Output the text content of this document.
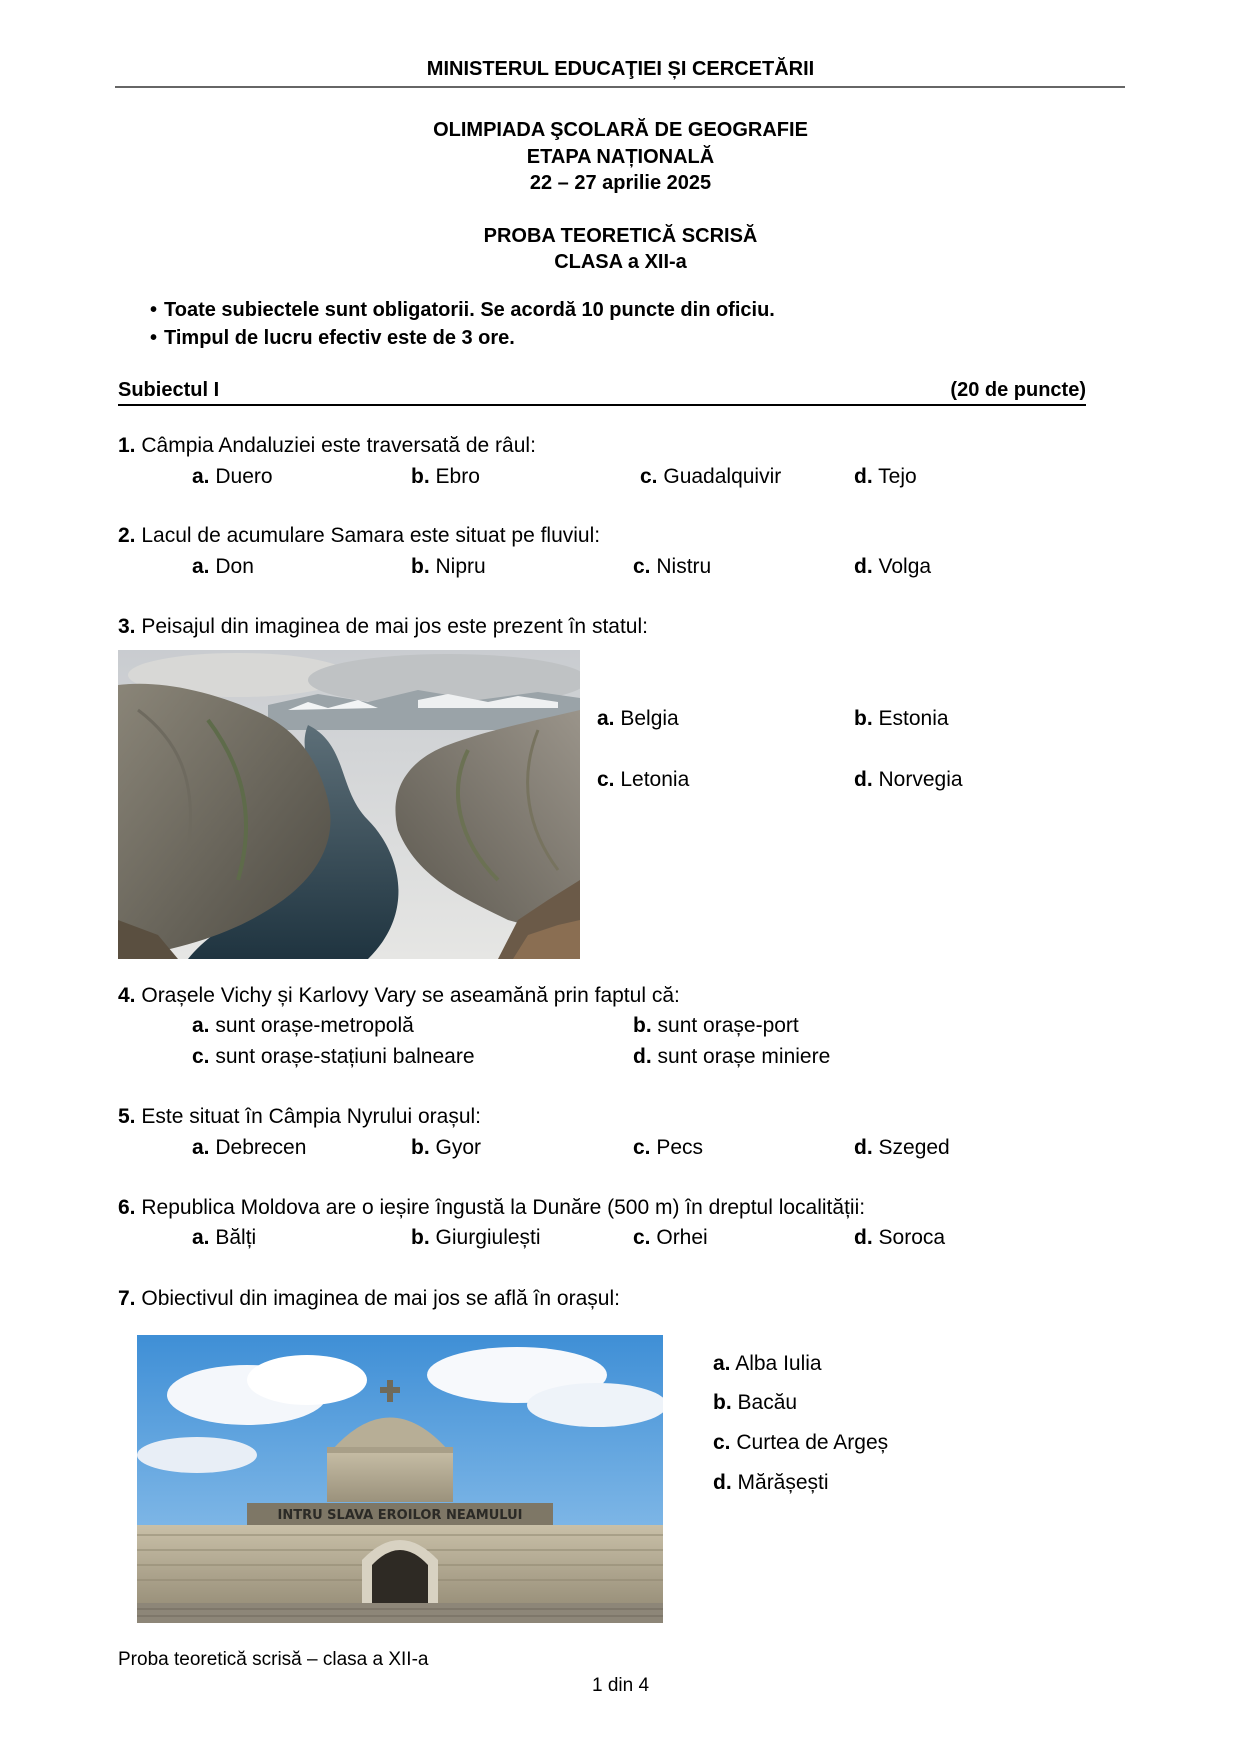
MINISTERUL EDUCAŢIEI ȘI CERCETĂRII
OLIMPIADA ŞCOLARĂ DE GEOGRAFIE
ETAPA NAȚIONALĂ
22 – 27 aprilie 2025
PROBA TEORETICĂ SCRISĂ
CLASA a XII-a
• Toate subiectele sunt obligatorii. Se acordă 10 puncte din oficiu.
• Timpul de lucru efectiv este de 3 ore.
Subiectul I	(20 de puncte)
1. Câmpia Andaluziei este traversată de râul:
a. Duero	b. Ebro	c. Guadalquivir	d. Tejo
2. Lacul de acumulare Samara este situat pe fluviul:
a. Don	b. Nipru	c. Nistru	d. Volga
3. Peisajul din imaginea de mai jos este prezent în statul:
a. Belgia	b. Estonia
c. Letonia	d. Norvegia
4. Orașele Vichy și Karlovy Vary se aseamănă prin faptul că:
a. sunt orașe-metropolă	b. sunt orașe-port
c. sunt orașe-stațiuni balneare	d. sunt orașe miniere
5. Este situat în Câmpia Nyrului orașul:
a. Debrecen	b. Gyor	c. Pecs	d. Szeged
6. Republica Moldova are o ieșire îngustă la Dunăre (500 m) în dreptul localității:
a. Bălți	b. Giurgiulești	c. Orhei	d. Soroca
7. Obiectivul din imaginea de mai jos se află în orașul:
INTRU SLAVA EROILOR NEAMULUI
a. Alba Iulia
b. Bacău
c. Curtea de Argeș
d. Mărășești
Proba teoretică scrisă – clasa a XII-a
1 din 4
